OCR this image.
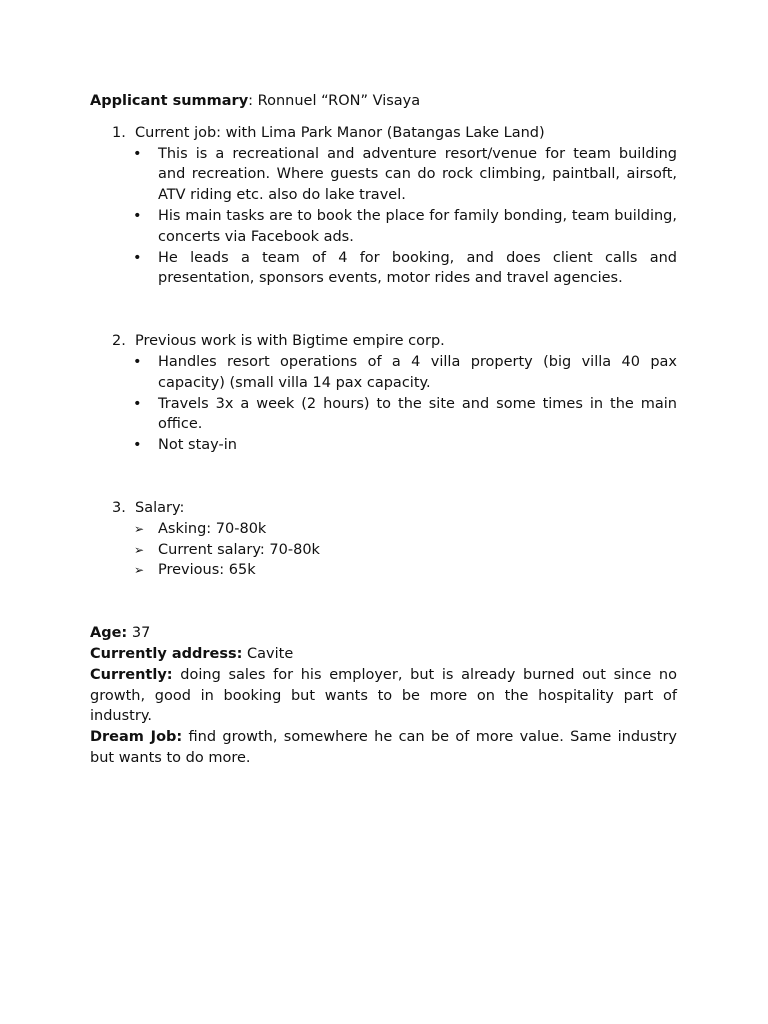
Applicant summary: Ronnuel “RON” Visaya
1. Current job: with Lima Park Manor (Batangas Lake Land)
• This is a recreational and adventure resort/venue for team building and recreation. Where guests can do rock climbing, paintball, airsoft, ATV riding etc. also do lake travel.
• His main tasks are to book the place for family bonding, team building, concerts via Facebook ads.
• He leads a team of 4 for booking, and does client calls and presentation, sponsors events, motor rides and travel agencies.
2. Previous work is with Bigtime empire corp.
• Handles resort operations of a 4 villa property (big villa 40 pax capacity) (small villa 14 pax capacity.
• Travels 3x a week (2 hours) to the site and some times in the main office.
• Not stay-in
3. Salary:
➢ Asking: 70-80k
➢ Current salary: 70-80k
➢ Previous: 65k

Age: 37

Currently address: Cavite

Currently: doing sales for his employer, but is already burned out since no growth, good in booking but wants to be more on the hospitality part of industry.

Dream Job: find growth, somewhere he can be of more value. Same industry but wants to do more.
